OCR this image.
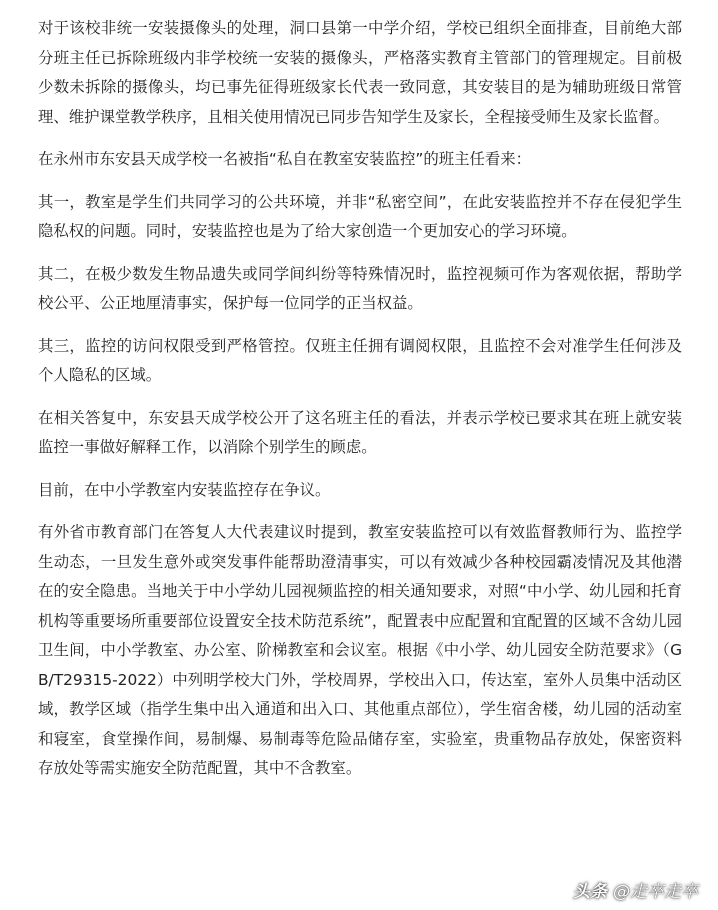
对于该校非统一安装摄像头的处理，洞口县第一中学介绍，学校已组织全面排查，目前绝大部分班主任已拆除班级内非学校统一安装的摄像头，严格落实教育主管部门的管理规定。目前极少数未拆除的摄像头，均已事先征得班级家长代表一致同意，其安装目的是为辅助班级日常管理、维护课堂教学秩序，且相关使用情况已同步告知学生及家长，全程接受师生及家长监督。

在永州市东安县天成学校一名被指“私自在教室安装监控”的班主任看来：

其一，教室是学生们共同学习的公共环境，并非“私密空间”，在此安装监控并不存在侵犯学生隐私权的问题。同时，安装监控也是为了给大家创造一个更加安心的学习环境。

其二，在极少数发生物品遗失或同学间纠纷等特殊情况时，监控视频可作为客观依据，帮助学校公平、公正地厘清事实，保护每一位同学的正当权益。

其三，监控的访问权限受到严格管控。仅班主任拥有调阅权限，且监控不会对准学生任何涉及个人隐私的区域。

在相关答复中，东安县天成学校公开了这名班主任的看法，并表示学校已要求其在班上就安装监控一事做好解释工作，以消除个别学生的顾虑。

目前，在中小学教室内安装监控存在争议。

有外省市教育部门在答复人大代表建议时提到，教室安装监控可以有效监督教师行为、监控学生动态，一旦发生意外或突发事件能帮助澄清事实，可以有效减少各种校园霸凌情况及其他潜在的安全隐患。当地关于中小学幼儿园视频监控的相关通知要求，对照“中小学、幼儿园和托育机构等重要场所重要部位设置安全技术防范系统”，配置表中应配置和宜配置的区域不含幼儿园卫生间，中小学教室、办公室、阶梯教室和会议室。根据《中小学、幼儿园安全防范要求》（GB/T29315-2022）中列明学校大门外，学校周界，学校出入口，传达室，室外人员集中活动区域，教学区域（指学生集中出入通道和出入口、其他重点部位），学生宿舍楼，幼儿园的活动室和寝室，食堂操作间，易制爆、易制毒等危险品储存室，实验室，贵重物品存放处，保密资料存放处等需实施安全防范配置，其中不含教室。

头条 @走卒走卒
